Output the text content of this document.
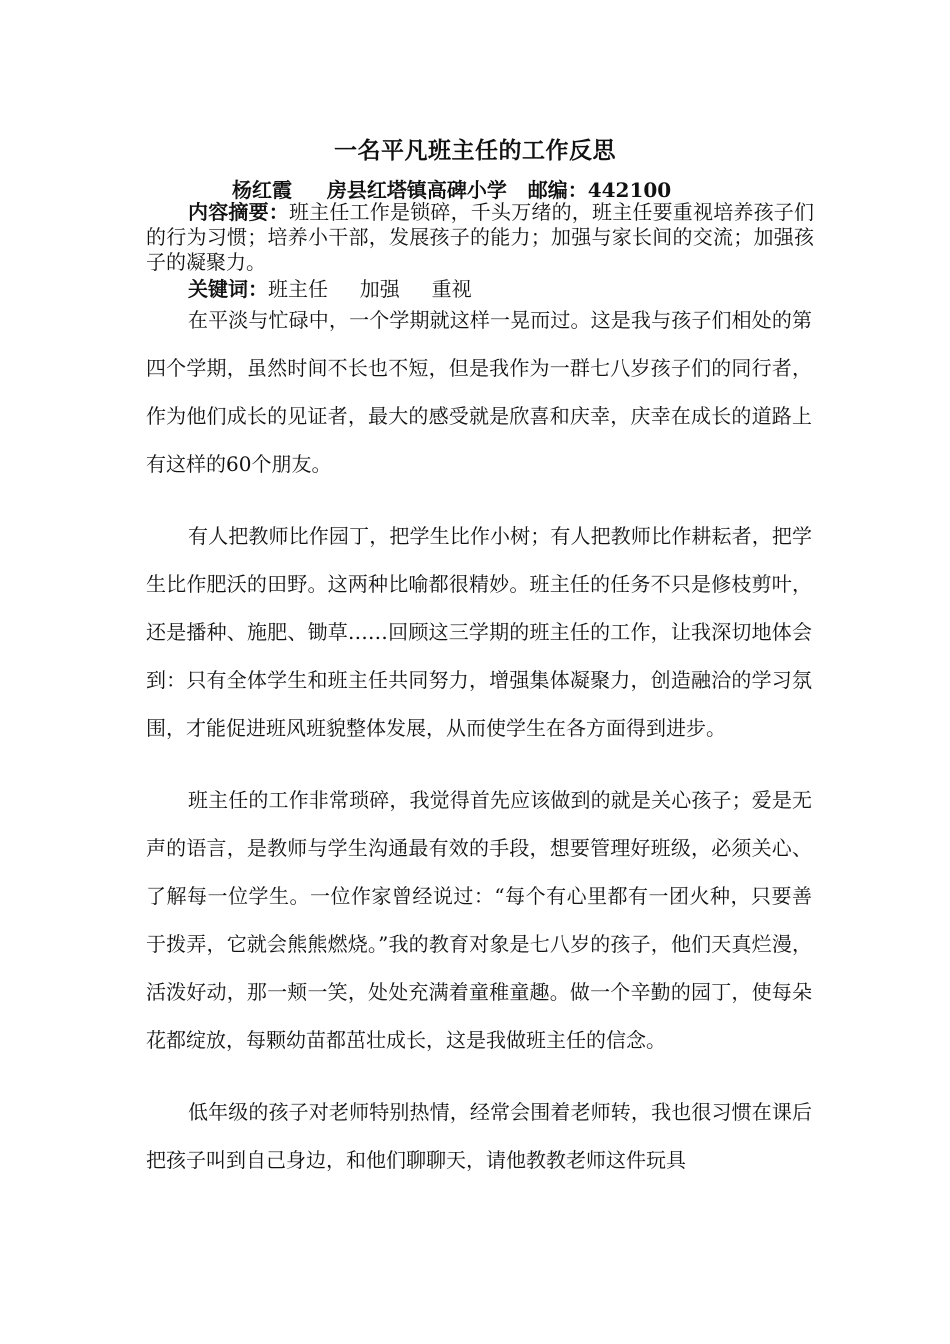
一名平凡班主任的工作反思
杨红霞 房县红塔镇高碑小学 邮编：442100
内容摘要：班主任工作是锁碎，千头万绪的，班主任要重视培养孩子们的行为习惯；培养小干部，发展孩子的能力；加强与家长间的交流；加强孩子的凝聚力。
关键词：班主任 加强 重视

在平淡与忙碌中，一个学期就这样一晃而过。这是我与孩子们相处的第四个学期，虽然时间不长也不短，但是我作为一群七八岁孩子们的同行者，作为他们成长的见证者，最大的感受就是欣喜和庆幸，庆幸在成长的道路上有这样的60个朋友。

有人把教师比作园丁，把学生比作小树；有人把教师比作耕耘者，把学生比作肥沃的田野。这两种比喻都很精妙。班主任的任务不只是修枝剪叶，还是播种、施肥、锄草……回顾这三学期的班主任的工作，让我深切地体会到：只有全体学生和班主任共同努力，增强集体凝聚力，创造融洽的学习氛围，才能促进班风班貌整体发展，从而使学生在各方面得到进步。

班主任的工作非常琐碎，我觉得首先应该做到的就是关心孩子；爱是无声的语言，是教师与学生沟通最有效的手段，想要管理好班级，必须关心、了解每一位学生。一位作家曾经说过：“每个有心里都有一团火种，只要善于拨弄，它就会熊熊燃烧。”我的教育对象是七八岁的孩子，他们天真烂漫，活泼好动，那一颊一笑，处处充满着童稚童趣。做一个辛勤的园丁，使每朵花都绽放，每颗幼苗都茁壮成长，这是我做班主任的信念。

低年级的孩子对老师特别热情，经常会围着老师转，我也很习惯在课后把孩子叫到自己身边，和他们聊聊天，请他教教老师这件玩具
